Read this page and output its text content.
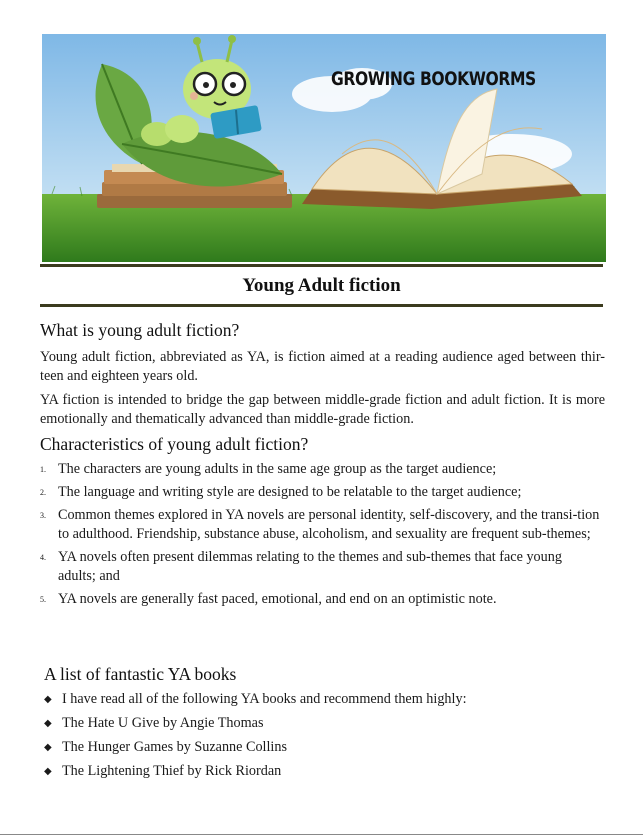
GROWING BOOKWORMS
Young Adult fiction
What is young adult fiction?
Young adult fiction, abbreviated as YA, is fiction aimed at a reading audience aged between thir-teen and eighteen years old.
YA fiction is intended to bridge the gap between middle-grade fiction and adult fiction. It is more emotionally and thematically advanced than middle-grade fiction.
Characteristics of young adult fiction?
1. The characters are young adults in the same age group as the target audience;
2. The language and writing style are designed to be relatable to the target audience;
3. Common themes explored in YA novels are personal identity, self-discovery, and the transi-tion to adulthood. Friendship, substance abuse, alcoholism, and sexuality are frequent sub-themes;
4. YA novels often present dilemmas relating to the themes and sub-themes that face young adults; and
5. YA novels are generally fast paced, emotional, and end on an optimistic note.
A list of fantastic YA books
◆ I have read all of the following YA books and recommend them highly:
◆ The Hate U Give by Angie Thomas
◆ The Hunger Games by Suzanne Collins
◆ The Lightening Thief by Rick Riordan
